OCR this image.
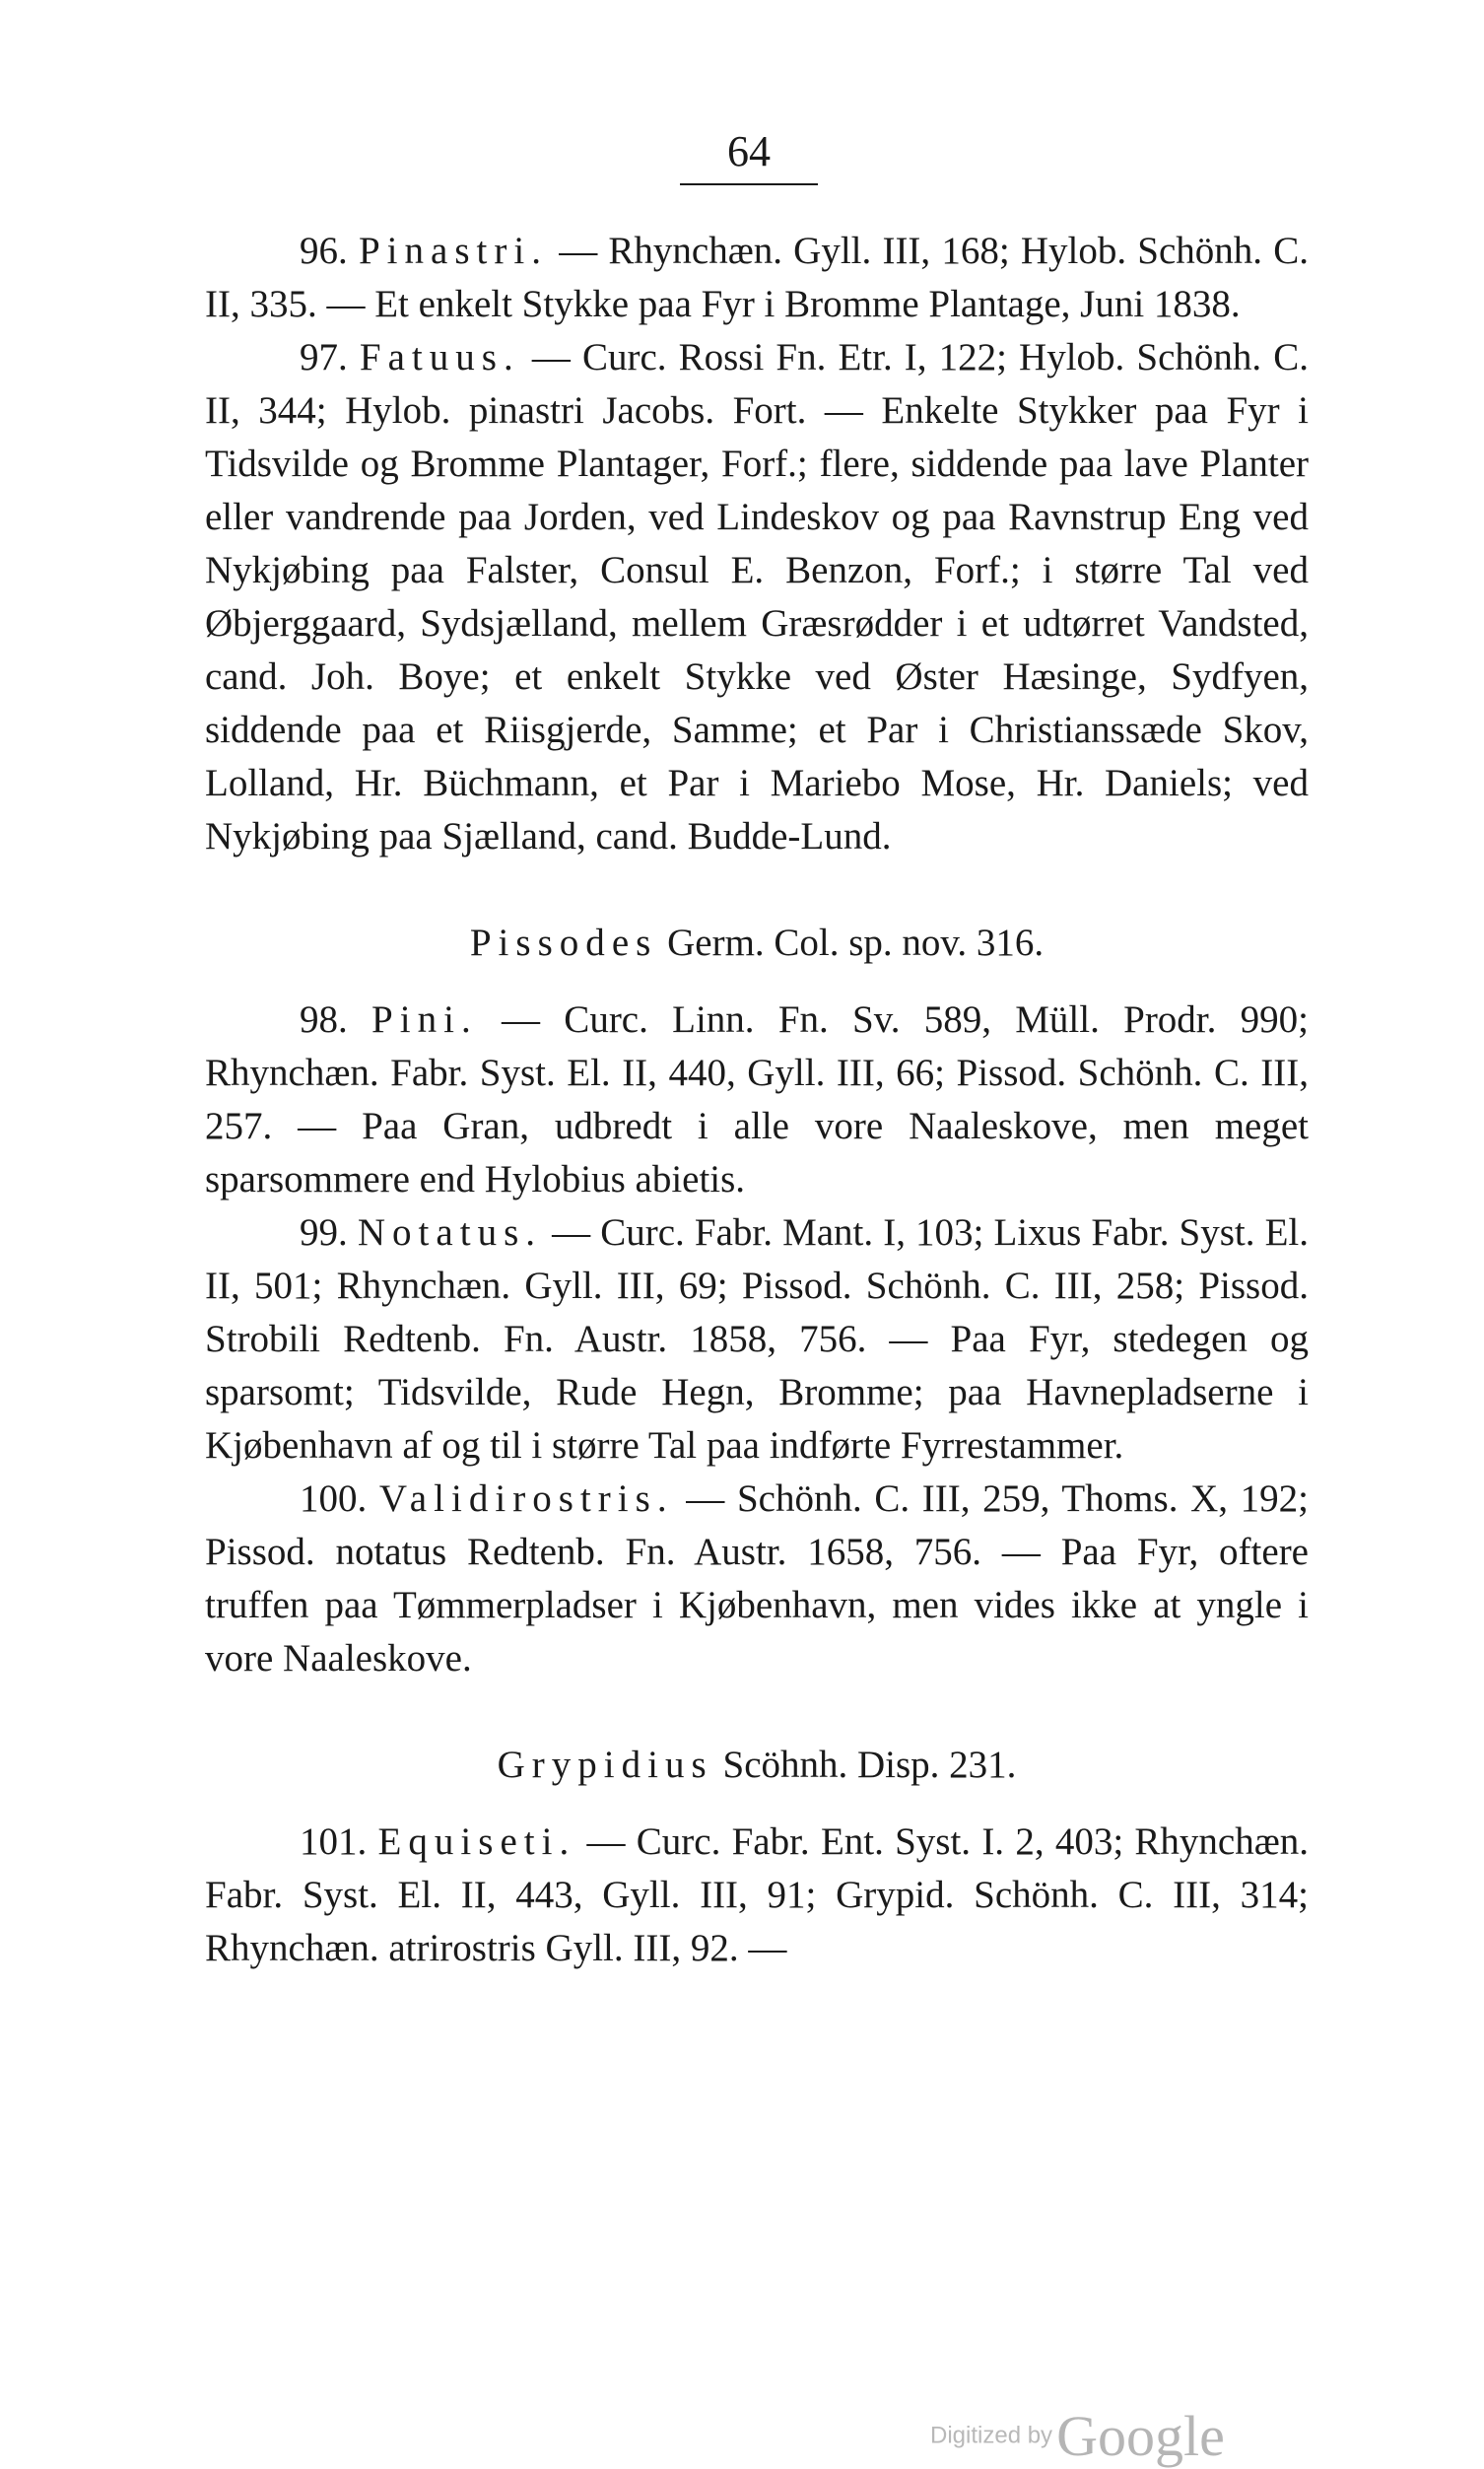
64

96. Pinastri. — Rhynchæn. Gyll. III, 168; Hylob. Schönh. C. II, 335. — Et enkelt Stykke paa Fyr i Bromme Plantage, Juni 1838.

97. Fatuus. — Curc. Rossi Fn. Etr. I, 122; Hylob. Schönh. C. II, 344; Hylob. pinastri Jacobs. Fort. — Enkelte Stykker paa Fyr i Tidsvilde og Bromme Plantager, Forf.; flere, siddende paa lave Planter eller vandrende paa Jorden, ved Lindeskov og paa Ravnstrup Eng ved Nykjøbing paa Falster, Consul E. Benzon, Forf.; i større Tal ved Øbjerggaard, Sydsjælland, mellem Græsrødder i et udtørret Vandsted, cand. Joh. Boye; et enkelt Stykke ved Øster Hæsinge, Sydfyen, siddende paa et Riisgjerde, Samme; et Par i Christianssæde Skov, Lolland, Hr. Büchmann, et Par i Mariebo Mose, Hr. Daniels; ved Nykjøbing paa Sjælland, cand. Budde-Lund.

Pissodes Germ. Col. sp. nov. 316.

98. Pini. — Curc. Linn. Fn. Sv. 589, Müll. Prodr. 990; Rhynchæn. Fabr. Syst. El. II, 440, Gyll. III, 66; Pissod. Schönh. C. III, 257. — Paa Gran, udbredt i alle vore Naaleskove, men meget sparsommere end Hylobius abietis.

99. Notatus. — Curc. Fabr. Mant. I, 103; Lixus Fabr. Syst. El. II, 501; Rhynchæn. Gyll. III, 69; Pissod. Schönh. C. III, 258; Pissod. Strobili Redtenb. Fn. Austr. 1858, 756. — Paa Fyr, stedegen og sparsomt; Tidsvilde, Rude Hegn, Bromme; paa Havnepladserne i Kjøbenhavn af og til i større Tal paa indførte Fyrrestammer.

100. Validirostris. — Schönh. C. III, 259, Thoms. X, 192; Pissod. notatus Redtenb. Fn. Austr. 1658, 756. — Paa Fyr, oftere truffen paa Tømmerpladser i Kjøbenhavn, men vides ikke at yngle i vore Naaleskove.

Grypidius Scöhnh. Disp. 231.

101. Equiseti. — Curc. Fabr. Ent. Syst. I. 2, 403; Rhynchæn. Fabr. Syst. El. II, 443, Gyll. III, 91; Grypid. Schönh. C. III, 314; Rhynchæn. atrirostris Gyll. III, 92. —

Digitized by Google
